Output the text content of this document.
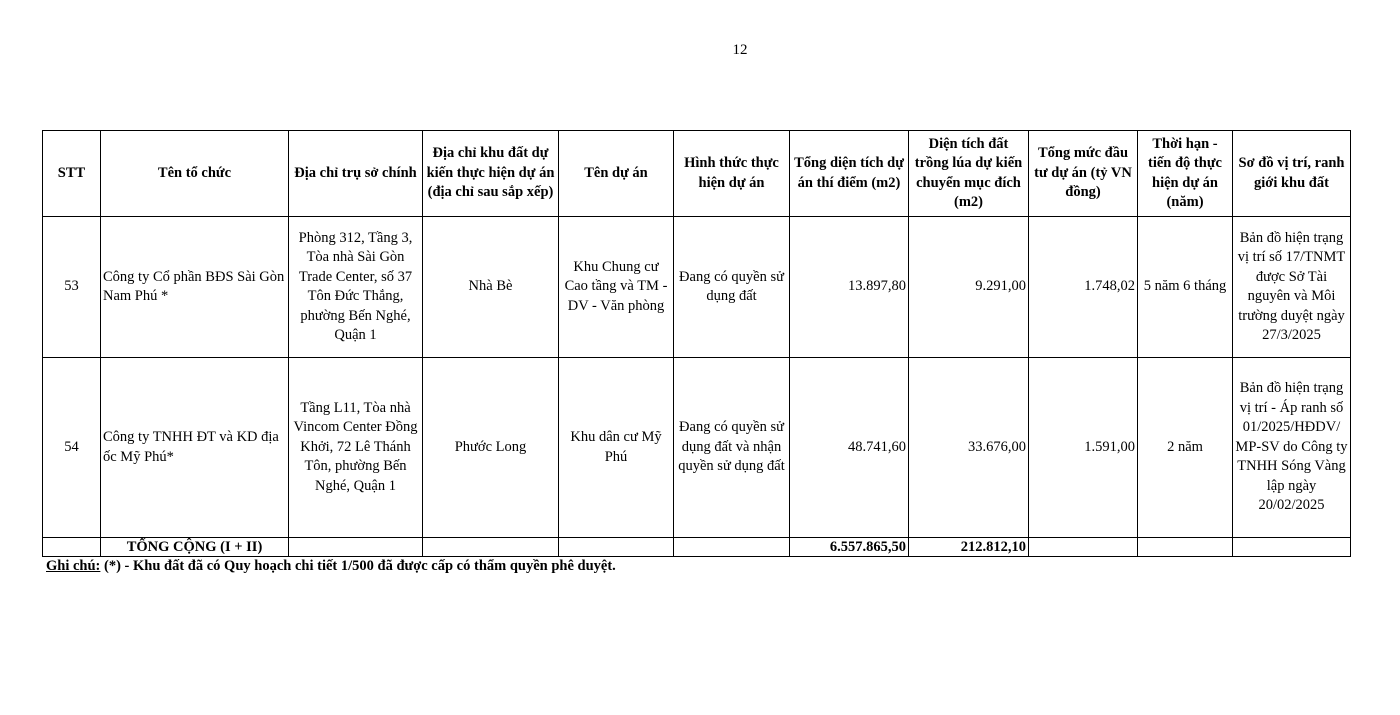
12
STT	Tên tổ chức	Địa chỉ trụ sở chính	Địa chỉ khu đất dự kiến thực hiện dự án (địa chỉ sau sắp xếp)	Tên dự án	Hình thức thực hiện dự án	Tổng diện tích dự án thí điểm (m2)	Diện tích đất trồng lúa dự kiến chuyển mục đích (m2)	Tổng mức đầu tư dự án (tỷ VN đồng)	Thời hạn - tiến độ thực hiện dự án (năm)	Sơ đồ vị trí, ranh giới khu đất
53	Công ty Cổ phần BĐS Sài Gòn Nam Phú *	Phòng 312, Tầng 3, Tòa nhà Sài Gòn Trade Center, số 37 Tôn Đức Thắng, phường Bến Nghé, Quận 1	Nhà Bè	Khu Chung cư Cao tầng và TM - DV - Văn phòng	Đang có quyền sử dụng đất	13.897,80	9.291,00	1.748,02	5 năm 6 tháng	Bản đồ hiện trạng vị trí số 17/TNMT được Sở Tài nguyên và Môi trường duyệt ngày 27/3/2025
54	Công ty TNHH ĐT và KD địa ốc Mỹ Phú*	Tầng L11, Tòa nhà Vincom Center Đồng Khởi, 72 Lê Thánh Tôn, phường Bến Nghé, Quận 1	Phước Long	Khu dân cư Mỹ Phú	Đang có quyền sử dụng đất và nhận quyền sử dụng đất	48.741,60	33.676,00	1.591,00	2 năm	Bản đồ hiện trạng vị trí - Áp ranh số 01/2025/HĐDV/ MP-SV do Công ty TNHH Sóng Vàng lập ngày 20/02/2025
	TỔNG CỘNG (I + II)					6.557.865,50	212.812,10			
Ghi chú: (*) - Khu đất đã có Quy hoạch chi tiết 1/500 đã được cấp có thẩm quyền phê duyệt.
